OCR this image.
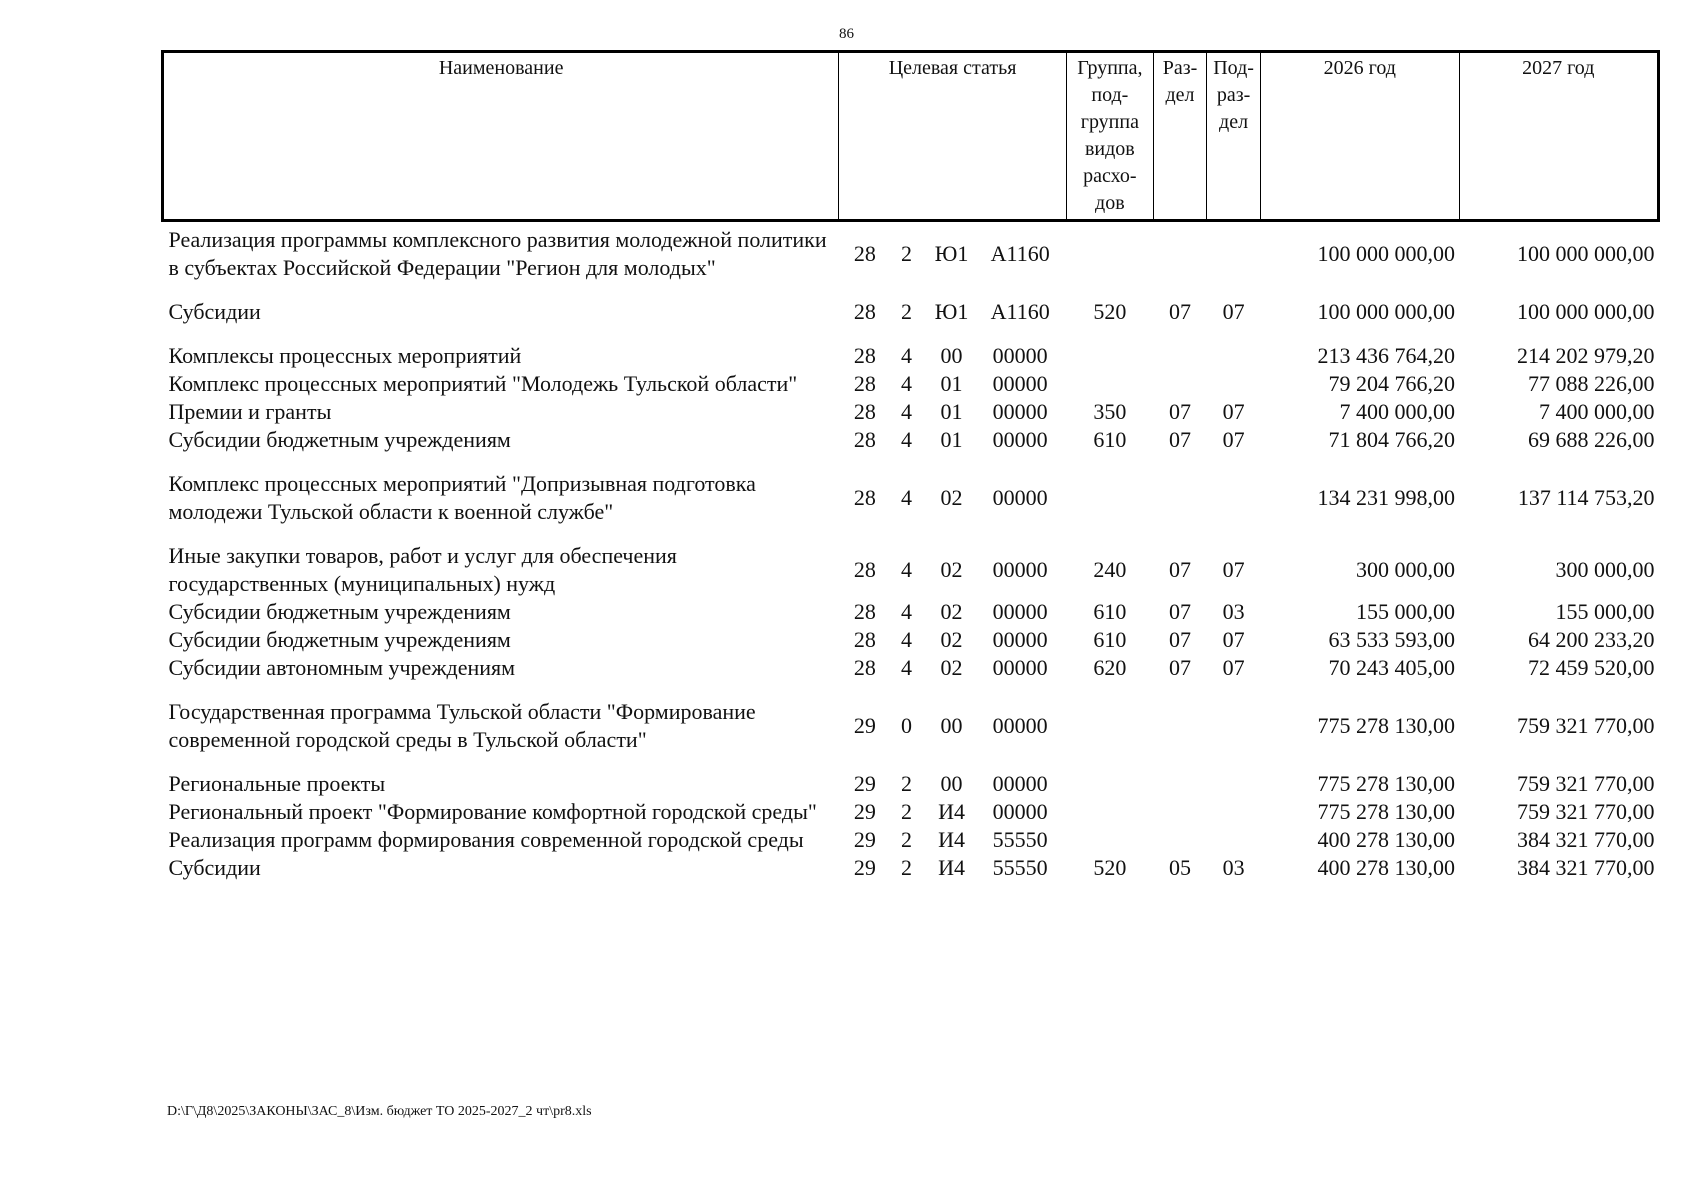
86
Наименование	Целевая статья				Группа, под-группа видов расхо-дов	Раз-дел	Под-раз-дел	2026 год	2027 год
Реализация программы комплексного развития молодежной политики в субъектах Российской Федерации "Регион для молодых"	28	2	Ю1	А1160				100 000 000,00	100 000 000,00
Субсидии	28	2	Ю1	А1160	520	07	07	100 000 000,00	100 000 000,00
Комплексы процессных мероприятий	28	4	00	00000				213 436 764,20	214 202 979,20
Комплекс процессных мероприятий "Молодежь Тульской области"	28	4	01	00000				79 204 766,20	77 088 226,00
Премии и гранты	28	4	01	00000	350	07	07	7 400 000,00	7 400 000,00
Субсидии бюджетным учреждениям	28	4	01	00000	610	07	07	71 804 766,20	69 688 226,00
Комплекс процессных мероприятий "Допризывная подготовка молодежи Тульской области к военной службе"	28	4	02	00000				134 231 998,00	137 114 753,20
Иные закупки товаров, работ и услуг для обеспечения государственных (муниципальных) нужд	28	4	02	00000	240	07	07	300 000,00	300 000,00
Субсидии бюджетным учреждениям	28	4	02	00000	610	07	03	155 000,00	155 000,00
Субсидии бюджетным учреждениям	28	4	02	00000	610	07	07	63 533 593,00	64 200 233,20
Субсидии автономным учреждениям	28	4	02	00000	620	07	07	70 243 405,00	72 459 520,00
Государственная программа Тульской области "Формирование современной городской среды в Тульской области"	29	0	00	00000				775 278 130,00	759 321 770,00
Региональные проекты	29	2	00	00000				775 278 130,00	759 321 770,00
Региональный проект "Формирование комфортной городской среды"	29	2	И4	00000				775 278 130,00	759 321 770,00
Реализация программ формирования современной городской среды	29	2	И4	55550				400 278 130,00	384 321 770,00
Субсидии	29	2	И4	55550	520	05	03	400 278 130,00	384 321 770,00
D:\Г\Д8\2025\ЗАКОНЫ\ЗАС_8\Изм. бюджет ТО 2025-2027_2 чт\pr8.xls
